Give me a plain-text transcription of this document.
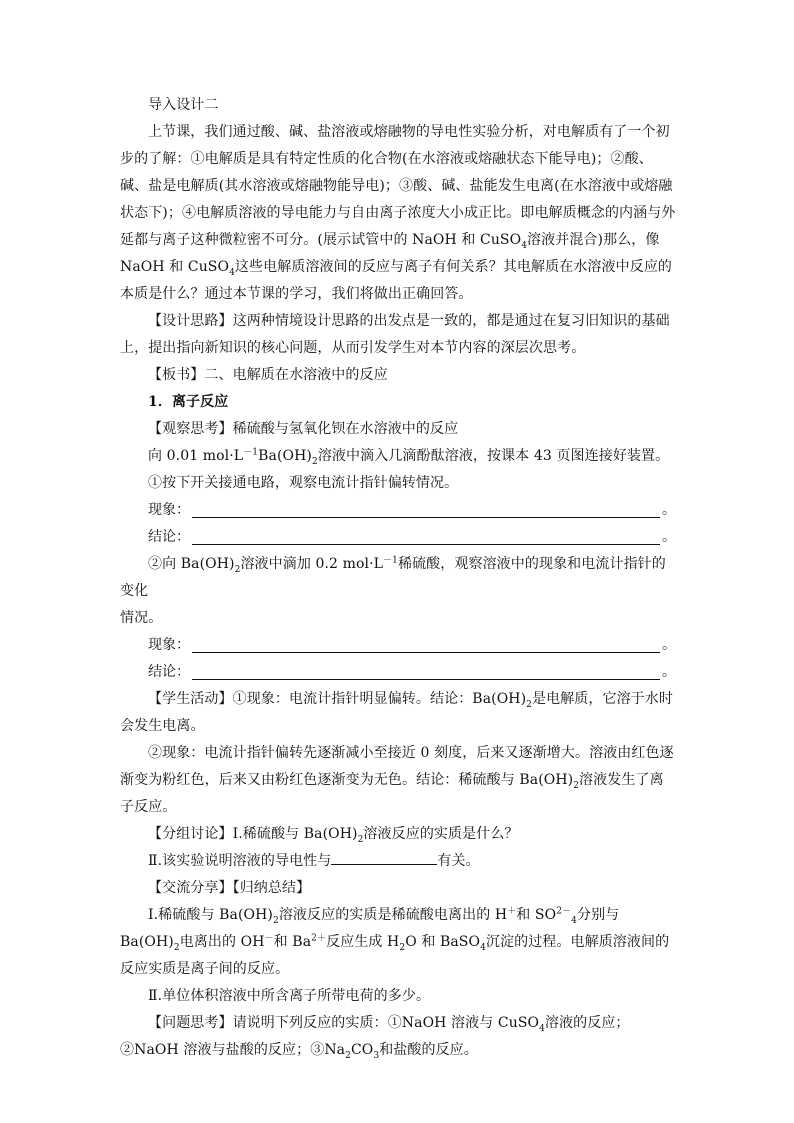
导入设计二

上节课，我们通过酸、碱、盐溶液或熔融物的导电性实验分析，对电解质有了一个初步的了解：①电解质是具有特定性质的化合物(在水溶液或熔融状态下能导电)；②酸、碱、盐是电解质(其水溶液或熔融物能导电)；③酸、碱、盐能发生电离(在水溶液中或熔融状态下)；④电解质溶液的导电能力与自由离子浓度大小成正比。即电解质概念的内涵与外延都与离子这种微粒密不可分。(展示试管中的 NaOH 和 CuSO$_4$溶液并混合)那么，像 NaOH 和 CuSO$_4$这些电解质溶液间的反应与离子有何关系？其电解质在水溶液中反应的本质是什么？通过本节课的学习，我们将做出正确回答。

【设计思路】这两种情境设计思路的出发点是一致的，都是通过在复习旧知识的基础上，提出指向新知识的核心问题，从而引发学生对本节内容的深层次思考。

【板书】二、电解质在水溶液中的反应

1．离子反应

【观察思考】稀硫酸与氢氧化钡在水溶液中的反应

向 0.01 $mol\cdot L^{-1}Ba(OH)_2$溶液中滴入几滴酚酞溶液，按课本 43 页图连接好装置。

①按下开关接通电路，观察电流计指针偏转情况。

现象：	。
结论：	。

②向 $Ba(OH)_2$溶液中滴加 0.2 $mol\cdot L^{-1}$稀硫酸，观察溶液中的现象和电流计指针的变化

情况。

现象：	。
结论：	。

【学生活动】①现象：电流计指针明显偏转。结论：$Ba(OH)_2$是电解质，它溶于水时会发生电离。

②现象：电流计指针偏转先逐渐减小至接近 0 刻度，后来又逐渐增大。溶液由红色逐渐变为粉红色，后来又由粉红色逐渐变为无色。结论：稀硫酸与 $Ba(OH)_2$溶液发生了离子反应。

【分组讨论】Ⅰ.稀硫酸与 $Ba(OH)_2$溶液反应的实质是什么？

Ⅱ.该实验说明溶液的导电性与	有关。

【交流分享】【归纳总结】

Ⅰ.稀硫酸与 $Ba(OH)_2$溶液反应的实质是稀硫酸电离出的 H＋和 $SO^{2-}_4$分别与 $Ba(OH)_2$电离出的 OH－和 $Ba^{2+}$反应生成 $H_2O$ 和 BaSO$_4$沉淀的过程。电解质溶液间的反应实质是离子间的反应。

Ⅱ.单位体积溶液中所含离子所带电荷的多少。

【问题思考】请说明下列反应的实质：①NaOH 溶液与 CuSO$_4$溶液的反应；②NaOH 溶液与盐酸的反应；$③Na_2CO_3$和盐酸的反应。
